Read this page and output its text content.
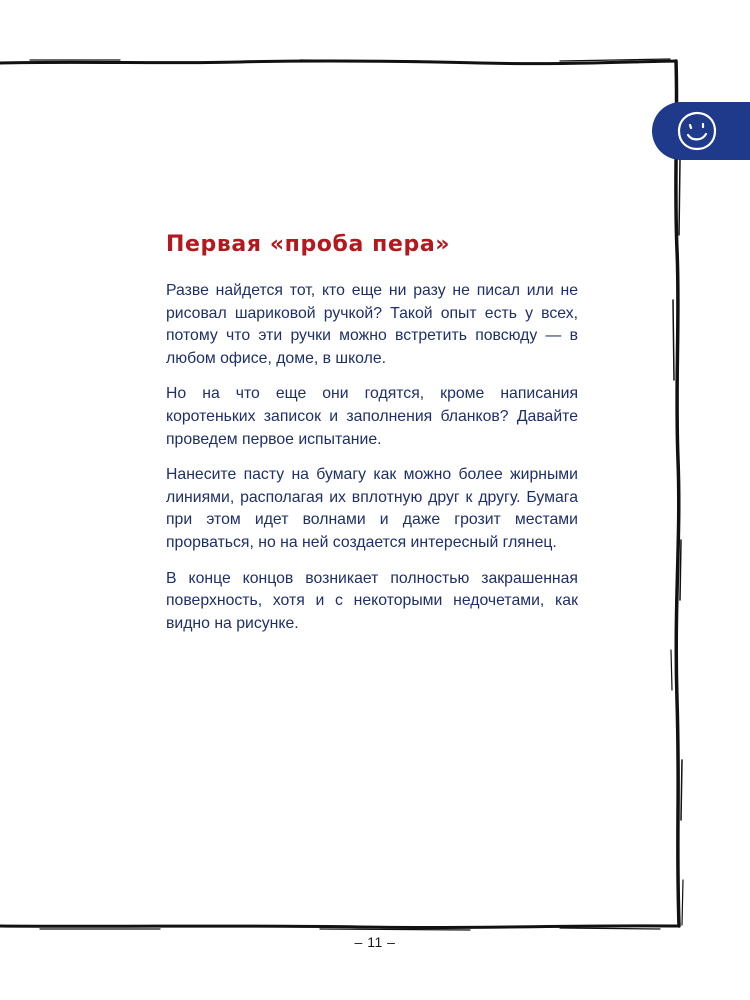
Первая «проба пера»

Разве найдется тот, кто еще ни разу не писал или не рисовал шариковой ручкой? Такой опыт есть у всех, потому что эти ручки можно встретить повсюду — в любом офисе, доме, в школе.

Но на что еще они годятся, кроме написания коротеньких записок и заполнения бланков? Давайте проведем первое испытание.

Нанесите пасту на бумагу как можно более жирными линиями, располагая их вплотную друг к другу. Бумага при этом идет волнами и даже грозит местами прорваться, но на ней создается интересный глянец.

В конце концов возникает полностью закрашенная поверхность, хотя и с некоторыми недочетами, как видно на рисунке.

– 11 –
